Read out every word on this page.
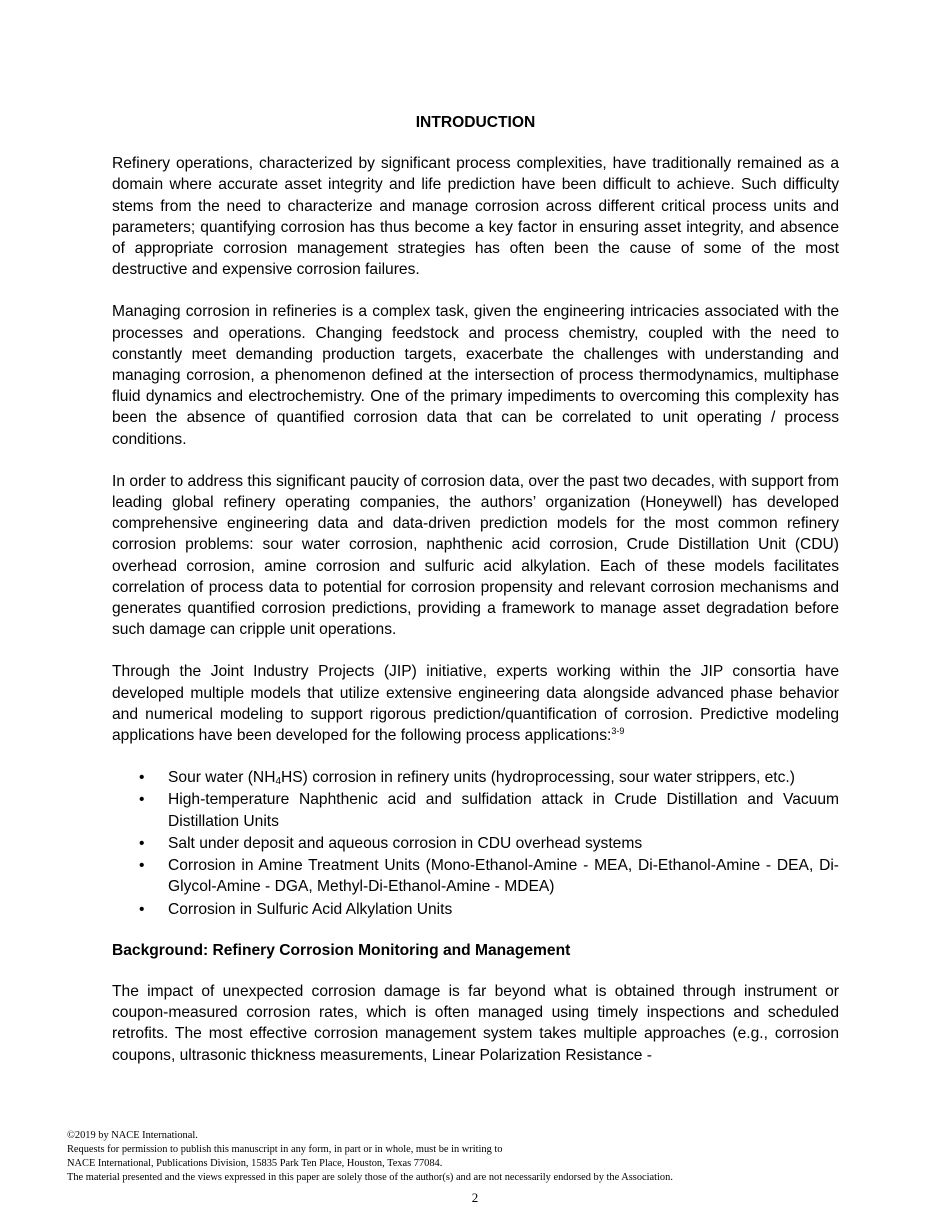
INTRODUCTION

Refinery operations, characterized by significant process complexities, have traditionally remained as a domain where accurate asset integrity and life prediction have been difficult to achieve. Such difficulty stems from the need to characterize and manage corrosion across different critical process units and parameters; quantifying corrosion has thus become a key factor in ensuring asset integrity, and absence of appropriate corrosion management strategies has often been the cause of some of the most destructive and expensive corrosion failures.

Managing corrosion in refineries is a complex task, given the engineering intricacies associated with the processes and operations. Changing feedstock and process chemistry, coupled with the need to constantly meet demanding production targets, exacerbate the challenges with understanding and managing corrosion, a phenomenon defined at the intersection of process thermodynamics, multiphase fluid dynamics and electrochemistry. One of the primary impediments to overcoming this complexity has been the absence of quantified corrosion data that can be correlated to unit operating / process conditions.

In order to address this significant paucity of corrosion data, over the past two decades, with support from leading global refinery operating companies, the authors’ organization (Honeywell) has developed comprehensive engineering data and data-driven prediction models for the most common refinery corrosion problems: sour water corrosion, naphthenic acid corrosion, Crude Distillation Unit (CDU) overhead corrosion, amine corrosion and sulfuric acid alkylation. Each of these models facilitates correlation of process data to potential for corrosion propensity and relevant corrosion mechanisms and generates quantified corrosion predictions, providing a framework to manage asset degradation before such damage can cripple unit operations.

Through the Joint Industry Projects (JIP) initiative, experts working within the JIP consortia have developed multiple models that utilize extensive engineering data alongside advanced phase behavior and numerical modeling to support rigorous prediction/quantification of corrosion. Predictive modeling applications have been developed for the following process applications:$^{3-9}$

• Sour water $(NH_4HS)$ corrosion in refinery units (hydroprocessing, sour water strippers, etc.)
• High-temperature Naphthenic acid and sulfidation attack in Crude Distillation and Vacuum Distillation Units
• Salt under deposit and aqueous corrosion in CDU overhead systems
• Corrosion in Amine Treatment Units (Mono-Ethanol-Amine - MEA, Di-Ethanol-Amine - DEA, Di-Glycol-Amine - DGA, Methyl-Di-Ethanol-Amine - MDEA)
• Corrosion in Sulfuric Acid Alkylation Units
Background: Refinery Corrosion Monitoring and Management

The impact of unexpected corrosion damage is far beyond what is obtained through instrument or coupon-measured corrosion rates, which is often managed using timely inspections and scheduled retrofits. The most effective corrosion management system takes multiple approaches (e.g., corrosion coupons, ultrasonic thickness measurements, Linear Polarization Resistance -

©2019 by NACE International.
Requests for permission to publish this manuscript in any form, in part or in whole, must be in writing to
NACE International, Publications Division, 15835 Park Ten Place, Houston, Texas 77084.
The material presented and the views expressed in this paper are solely those of the author(s) and are not necessarily endorsed by the Association.
2
